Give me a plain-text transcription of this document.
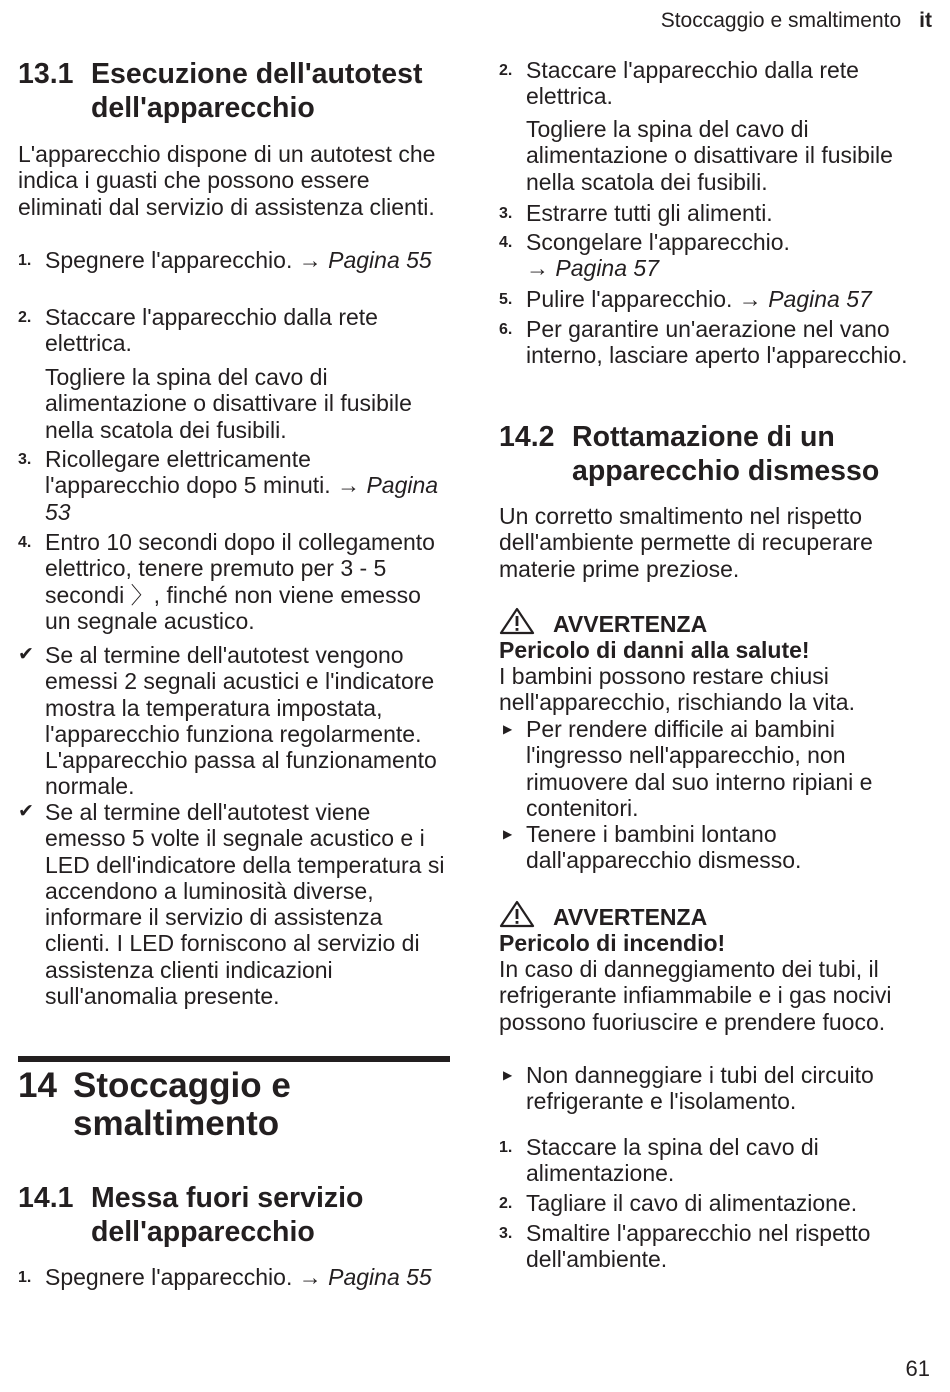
Stoccaggio e smaltimento it
13.1 Esecuzione dell'autotest dell'apparecchio

L'apparecchio dispone di un autotest che indica i guasti che possono essere eliminati dal servizio di assistenza clienti.

1. Spegnere l'apparecchio. → Pagina 55
2. Staccare l'apparecchio dalla rete elettrica.
Togliere la spina del cavo di alimentazione o disattivare il fusibile nella scatola dei fusibili.
3. Ricollegare elettricamente l'apparecchio dopo 5 minuti. → Pagina 53
4. Entro 10 secondi dopo il collegamento elettrico, tenere premuto per 3 - 5 secondi 〉, finché non viene emesso un segnale acustico.
✔ Se al termine dell'autotest vengono emessi 2 segnali acustici e l'indicatore mostra la temperatura impostata, l'apparecchio funziona regolarmente. L'apparecchio passa al funzionamento normale.
✔ Se al termine dell'autotest viene emesso 5 volte il segnale acustico e i LED dell'indicatore della temperatura si accendono a luminosità diverse, informare il servizio di assistenza clienti. I LED forniscono al servizio di assistenza clienti indicazioni sull'anomalia presente.
14 Stoccaggio e smaltimento
14.1 Messa fuori servizio dell'apparecchio
1. Spegnere l'apparecchio. → Pagina 55
2. Staccare l'apparecchio dalla rete elettrica.
Togliere la spina del cavo di alimentazione o disattivare il fusibile nella scatola dei fusibili.
3. Estrarre tutti gli alimenti.
4. Scongelare l'apparecchio.
→ Pagina 57
5. Pulire l'apparecchio. → Pagina 57
6. Per garantire un'aerazione nel vano interno, lasciare aperto l'apparecchio.
14.2 Rottamazione di un apparecchio dismesso

Un corretto smaltimento nel rispetto dell'ambiente permette di recuperare materie prime preziose.

AVVERTENZA
Pericolo di danni alla salute!

I bambini possono restare chiusi nell'apparecchio, rischiando la vita.

▶ Per rendere difficile ai bambini l'ingresso nell'apparecchio, non rimuovere dal suo interno ripiani e contenitori.
▶ Tenere i bambini lontano dall'apparecchio dismesso.
AVVERTENZA
Pericolo di incendio!

In caso di danneggiamento dei tubi, il refrigerante infiammabile e i gas nocivi possono fuoriuscire e prendere fuoco.

▶ Non danneggiare i tubi del circuito refrigerante e l'isolamento.
1. Staccare la spina del cavo di alimentazione.
2. Tagliare il cavo di alimentazione.
3. Smaltire l'apparecchio nel rispetto dell'ambiente.
61
